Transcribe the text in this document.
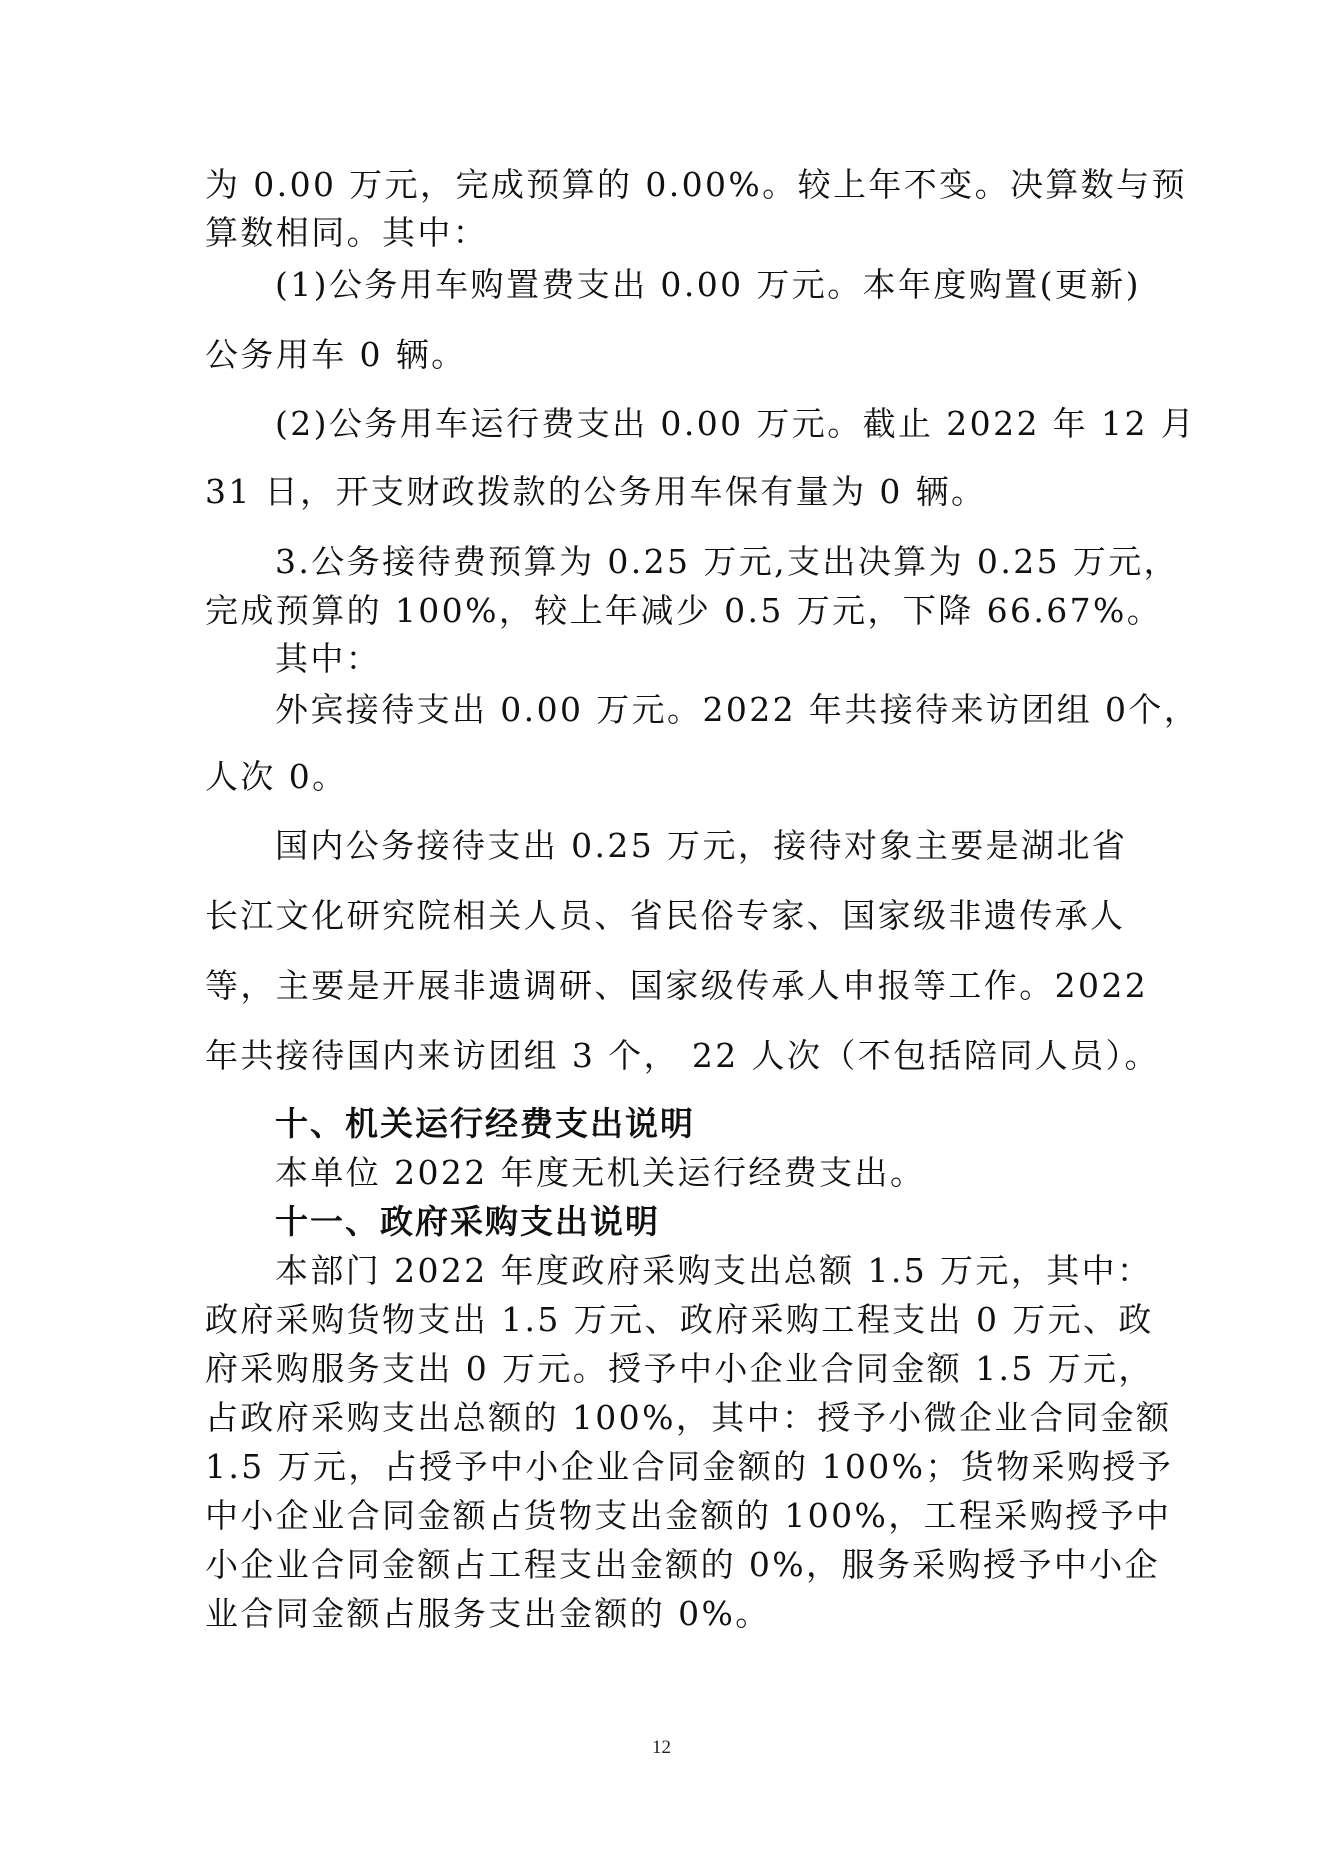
为 0.00 万元，完成预算的 0.00%。较上年不变。决算数与预

算数相同。其中：

(1)公务用车购置费支出 0.00 万元。本年度购置(更新)

公务用车 0 辆。

(2)公务用车运行费支出 0.00 万元。截止 2022 年 12 月

31 日，开支财政拨款的公务用车保有量为 0 辆。

3.公务接待费预算为 0.25 万元,支出决算为 0.25 万元，

完成预算的 100%，较上年减少 0.5 万元，下降 66.67%。

其中：

外宾接待支出 0.00 万元。2022 年共接待来访团组 0个，

人次 0。

国内公务接待支出 0.25 万元，接待对象主要是湖北省

长江文化研究院相关人员、省民俗专家、国家级非遗传承人

等，主要是开展非遗调研、国家级传承人申报等工作。2022

年共接待国内来访团组 3 个， 22 人次（不包括陪同人员）。

十、机关运行经费支出说明

本单位 2022 年度无机关运行经费支出。

十一、政府采购支出说明

本部门 2022 年度政府采购支出总额 1.5 万元，其中：

政府采购货物支出 1.5 万元、政府采购工程支出 0 万元、政

府采购服务支出 0 万元。授予中小企业合同金额 1.5 万元，

占政府采购支出总额的 100%，其中：授予小微企业合同金额

1.5 万元，占授予中小企业合同金额的 100%；货物采购授予

中小企业合同金额占货物支出金额的 100%，工程采购授予中

小企业合同金额占工程支出金额的 0%，服务采购授予中小企

业合同金额占服务支出金额的 0%。

12
